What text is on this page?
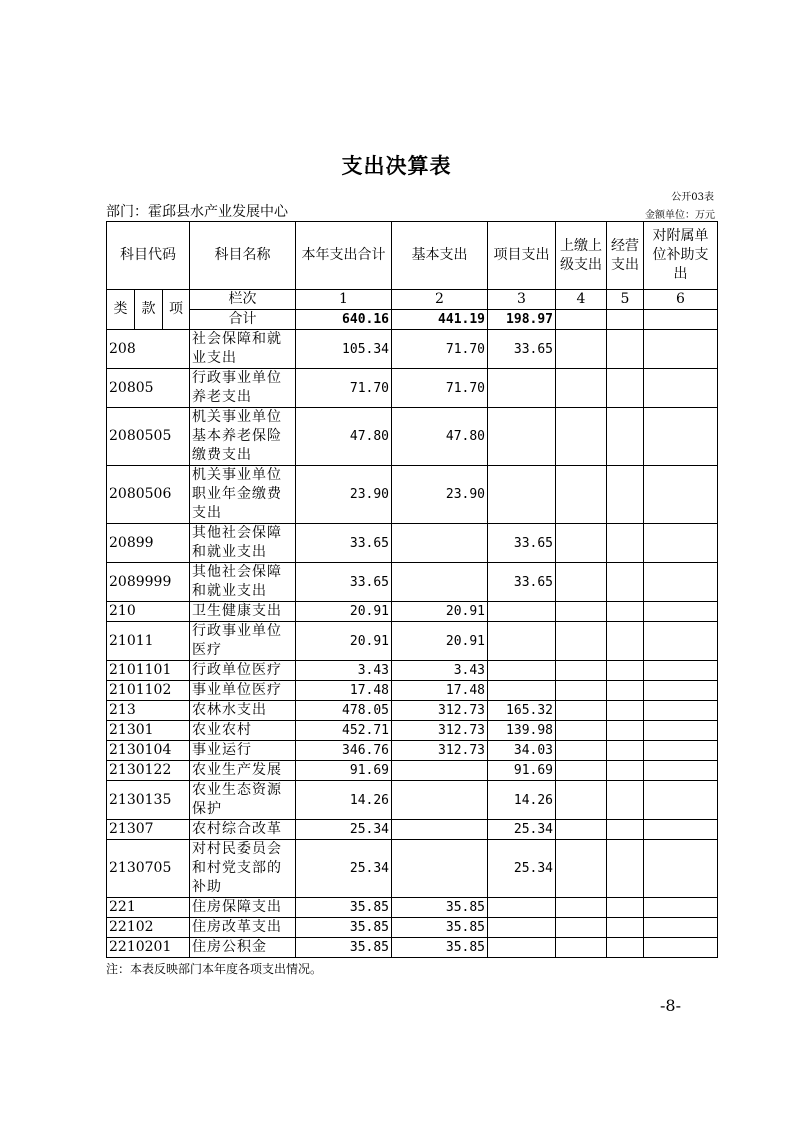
支出决算表
公开03表
部门：霍邱县水产业发展中心	金额单位：万元
科目代码			科目名称	本年支出合计	基本支出	项目支出	上缴上级支出	经营支出	对附属单位补助支出
类	款	项	栏次	1	2	3	4	5	6
			合计	640.16	441.19	198.97			
208			社会保障和就业支出	105.34	71.70	33.65			
20805			行政事业单位养老支出	71.70	71.70				
2080505			机关事业单位基本养老保险缴费支出	47.80	47.80				
2080506			机关事业单位职业年金缴费支出	23.90	23.90				
20899			其他社会保障和就业支出	33.65		33.65			
2089999			其他社会保障和就业支出	33.65		33.65			
210			卫生健康支出	20.91	20.91				
21011			行政事业单位医疗	20.91	20.91				
2101101			行政单位医疗	3.43	3.43				
2101102			事业单位医疗	17.48	17.48				
213			农林水支出	478.05	312.73	165.32			
21301			农业农村	452.71	312.73	139.98			
2130104			事业运行	346.76	312.73	34.03			
2130122			农业生产发展	91.69		91.69			
2130135			农业生态资源保护	14.26		14.26			
21307			农村综合改革	25.34		25.34			
2130705			对村民委员会和村党支部的补助	25.34		25.34			
221			住房保障支出	35.85	35.85				
22102			住房改革支出	35.85	35.85				
2210201			住房公积金	35.85	35.85				
注：本表反映部门本年度各项支出情况。
-8-
